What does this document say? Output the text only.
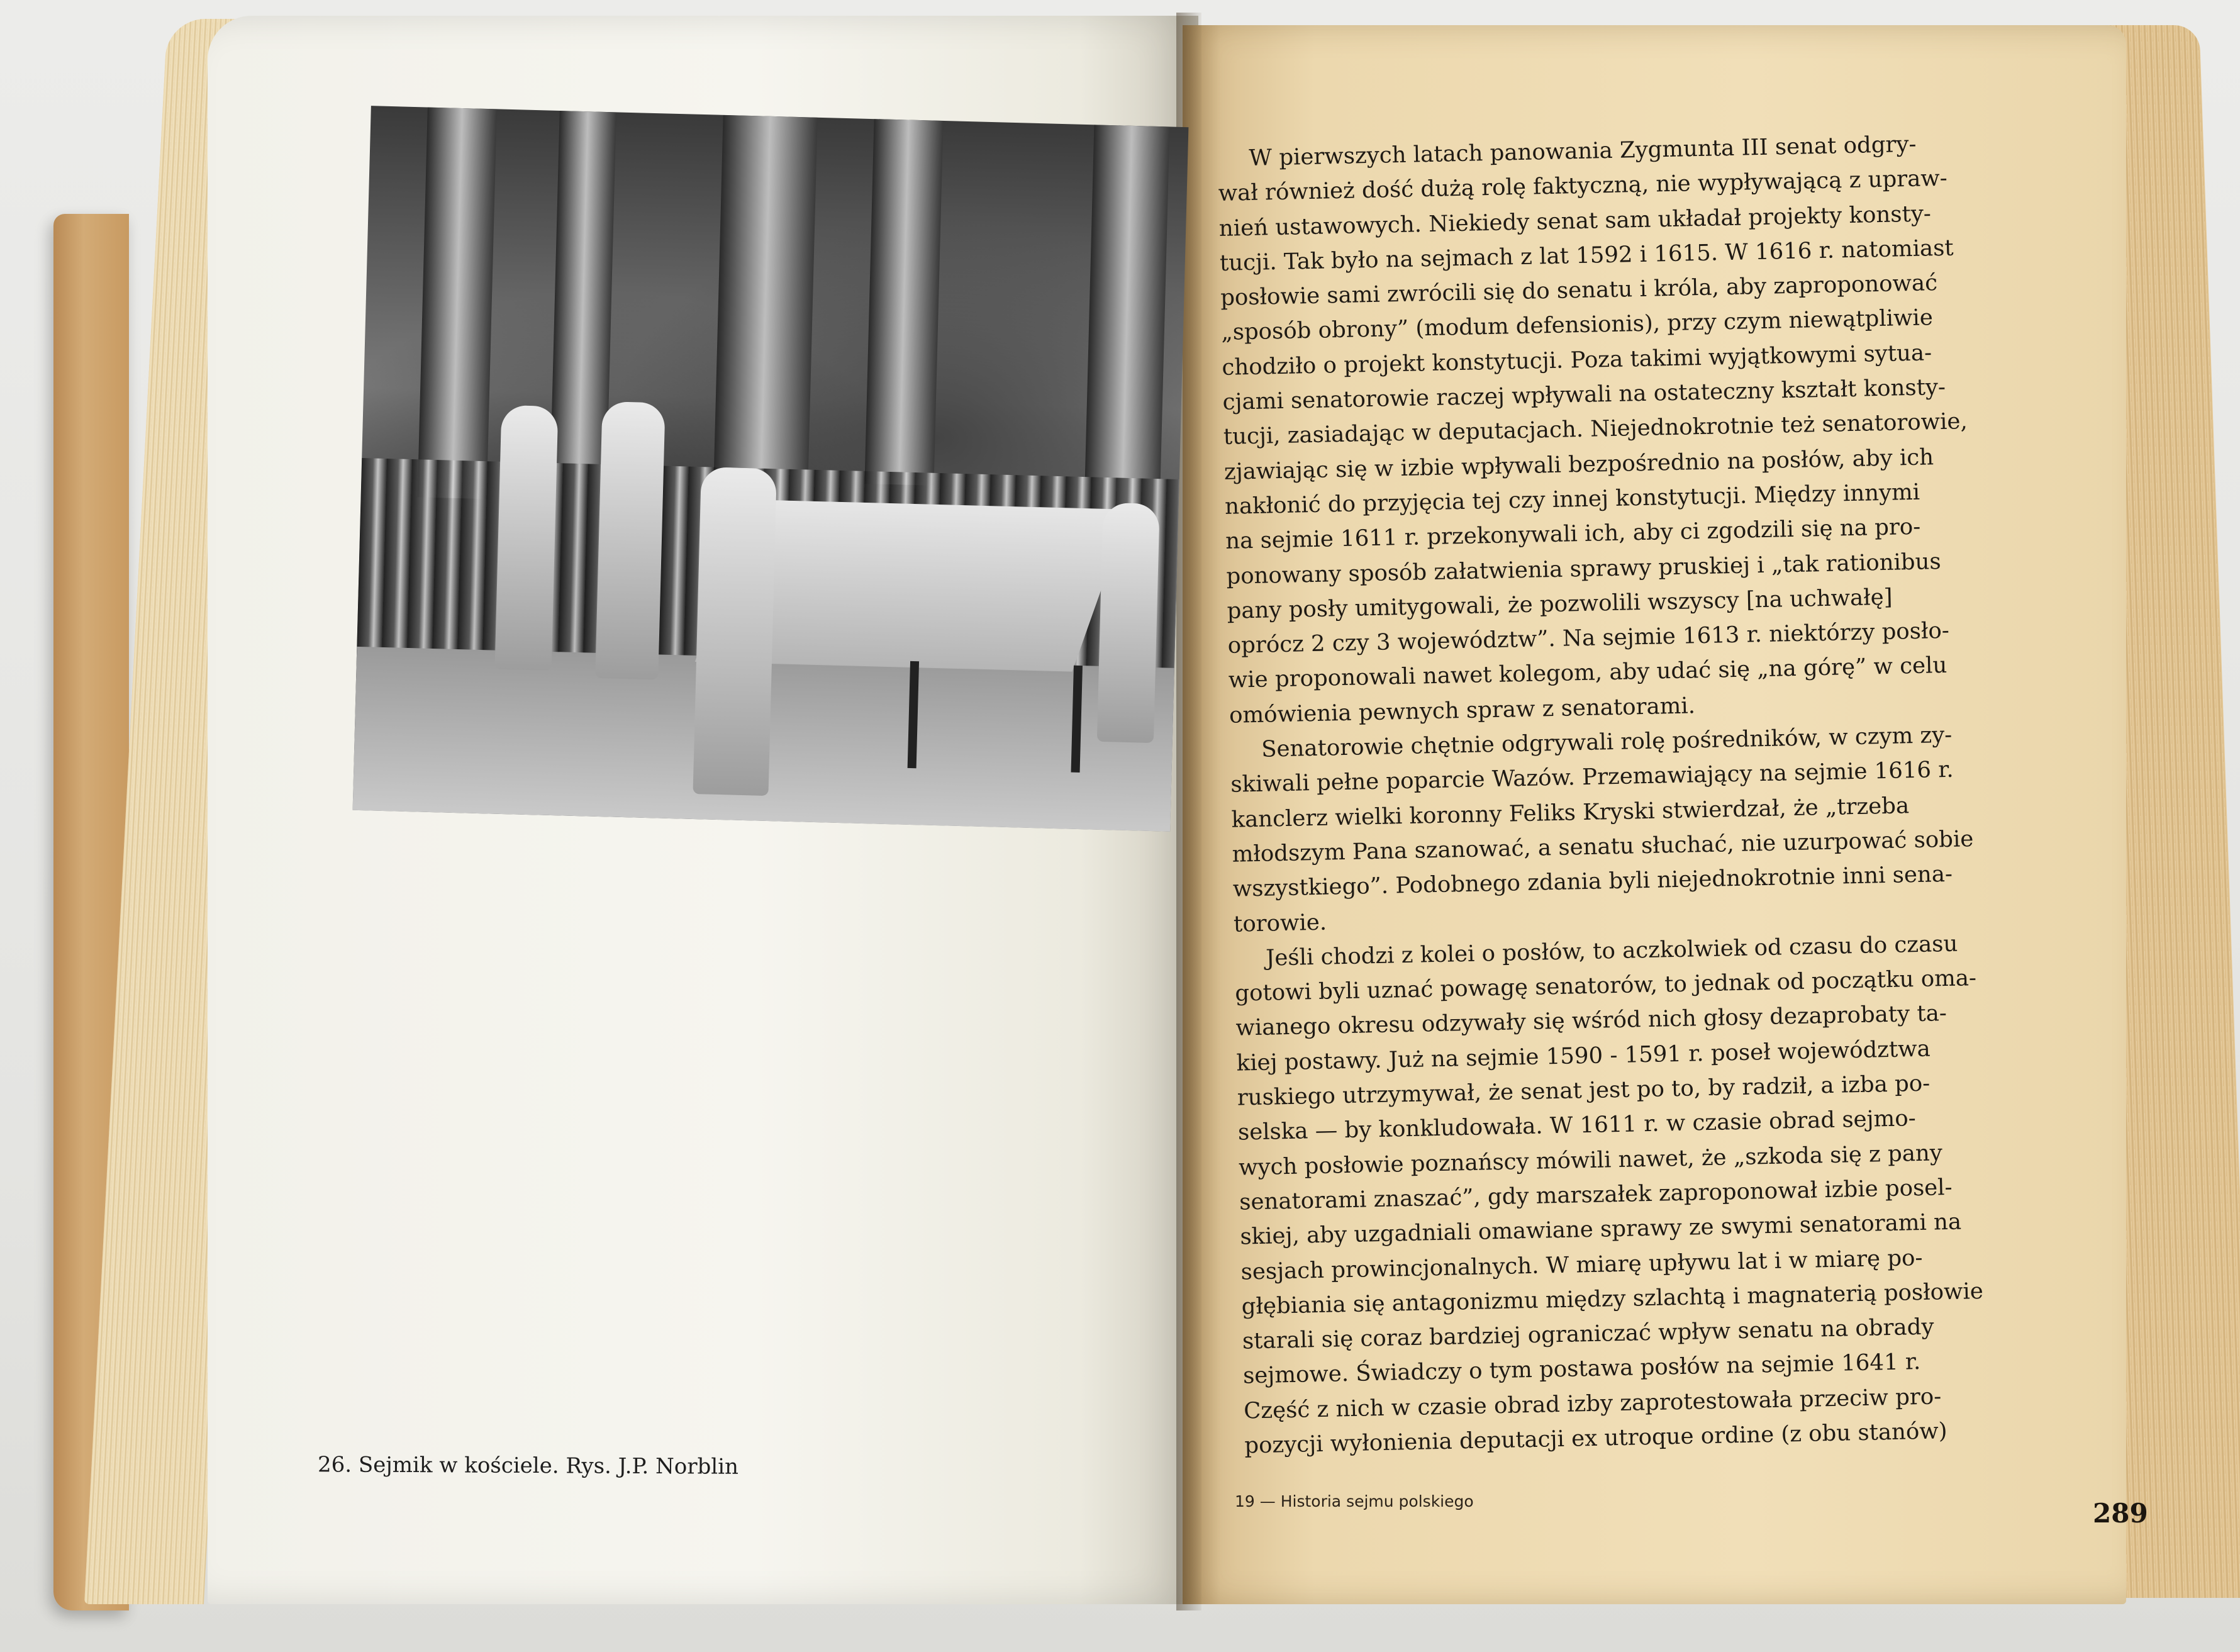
26. Sejmik w kościele. Rys. J.P. Norblin
W pierwszych latach panowania Zygmunta III senat odgry-
wał również dość dużą rolę faktyczną, nie wypływającą z upraw-
nień ustawowych. Niekiedy senat sam układał projekty konsty-
tucji. Tak było na sejmach z lat 1592 i 1615. W 1616 r. natomiast
posłowie sami zwrócili się do senatu i króla, aby zaproponować
„sposób obrony” (modum defensionis), przy czym niewątpliwie
chodziło o projekt konstytucji. Poza takimi wyjątkowymi sytua-
cjami senatorowie raczej wpływali na ostateczny kształt konsty-
tucji, zasiadając w deputacjach. Niejednokrotnie też senatorowie,
zjawiając się w izbie wpływali bezpośrednio na posłów, aby ich
nakłonić do przyjęcia tej czy innej konstytucji. Między innymi
na sejmie 1611 r. przekonywali ich, aby ci zgodzili się na pro-
ponowany sposób załatwienia sprawy pruskiej i „tak rationibus
pany posły umitygowali, że pozwolili wszyscy [na uchwałę]
oprócz 2 czy 3 województw”. Na sejmie 1613 r. niektórzy posło-
wie proponowali nawet kolegom, aby udać się „na górę” w celu
omówienia pewnych spraw z senatorami.
Senatorowie chętnie odgrywali rolę pośredników, w czym zy-
skiwali pełne poparcie Wazów. Przemawiający na sejmie 1616 r.
kanclerz wielki koronny Feliks Kryski stwierdzał, że „trzeba
młodszym Pana szanować, a senatu słuchać, nie uzurpować sobie
wszystkiego”. Podobnego zdania byli niejednokrotnie inni sena-
torowie.
Jeśli chodzi z kolei o posłów, to aczkolwiek od czasu do czasu
gotowi byli uznać powagę senatorów, to jednak od początku oma-
wianego okresu odzywały się wśród nich głosy dezaprobaty ta-
kiej postawy. Już na sejmie 1590 - 1591 r. poseł województwa
ruskiego utrzymywał, że senat jest po to, by radził, a izba po-
selska — by konkludowała. W 1611 r. w czasie obrad sejmo-
wych posłowie poznańscy mówili nawet, że „szkoda się z pany
senatorami znaszać”, gdy marszałek zaproponował izbie posel-
skiej, aby uzgadniali omawiane sprawy ze swymi senatorami na
sesjach prowincjonalnych. W miarę upływu lat i w miarę po-
głębiania się antagonizmu między szlachtą i magnaterią posłowie
starali się coraz bardziej ograniczać wpływ senatu na obrady
sejmowe. Świadczy o tym postawa posłów na sejmie 1641 r.
Część z nich w czasie obrad izby zaprotestowała przeciw pro-
pozycji wyłonienia deputacji ex utroque ordine (z obu stanów)
19 — Historia sejmu polskiego	289
